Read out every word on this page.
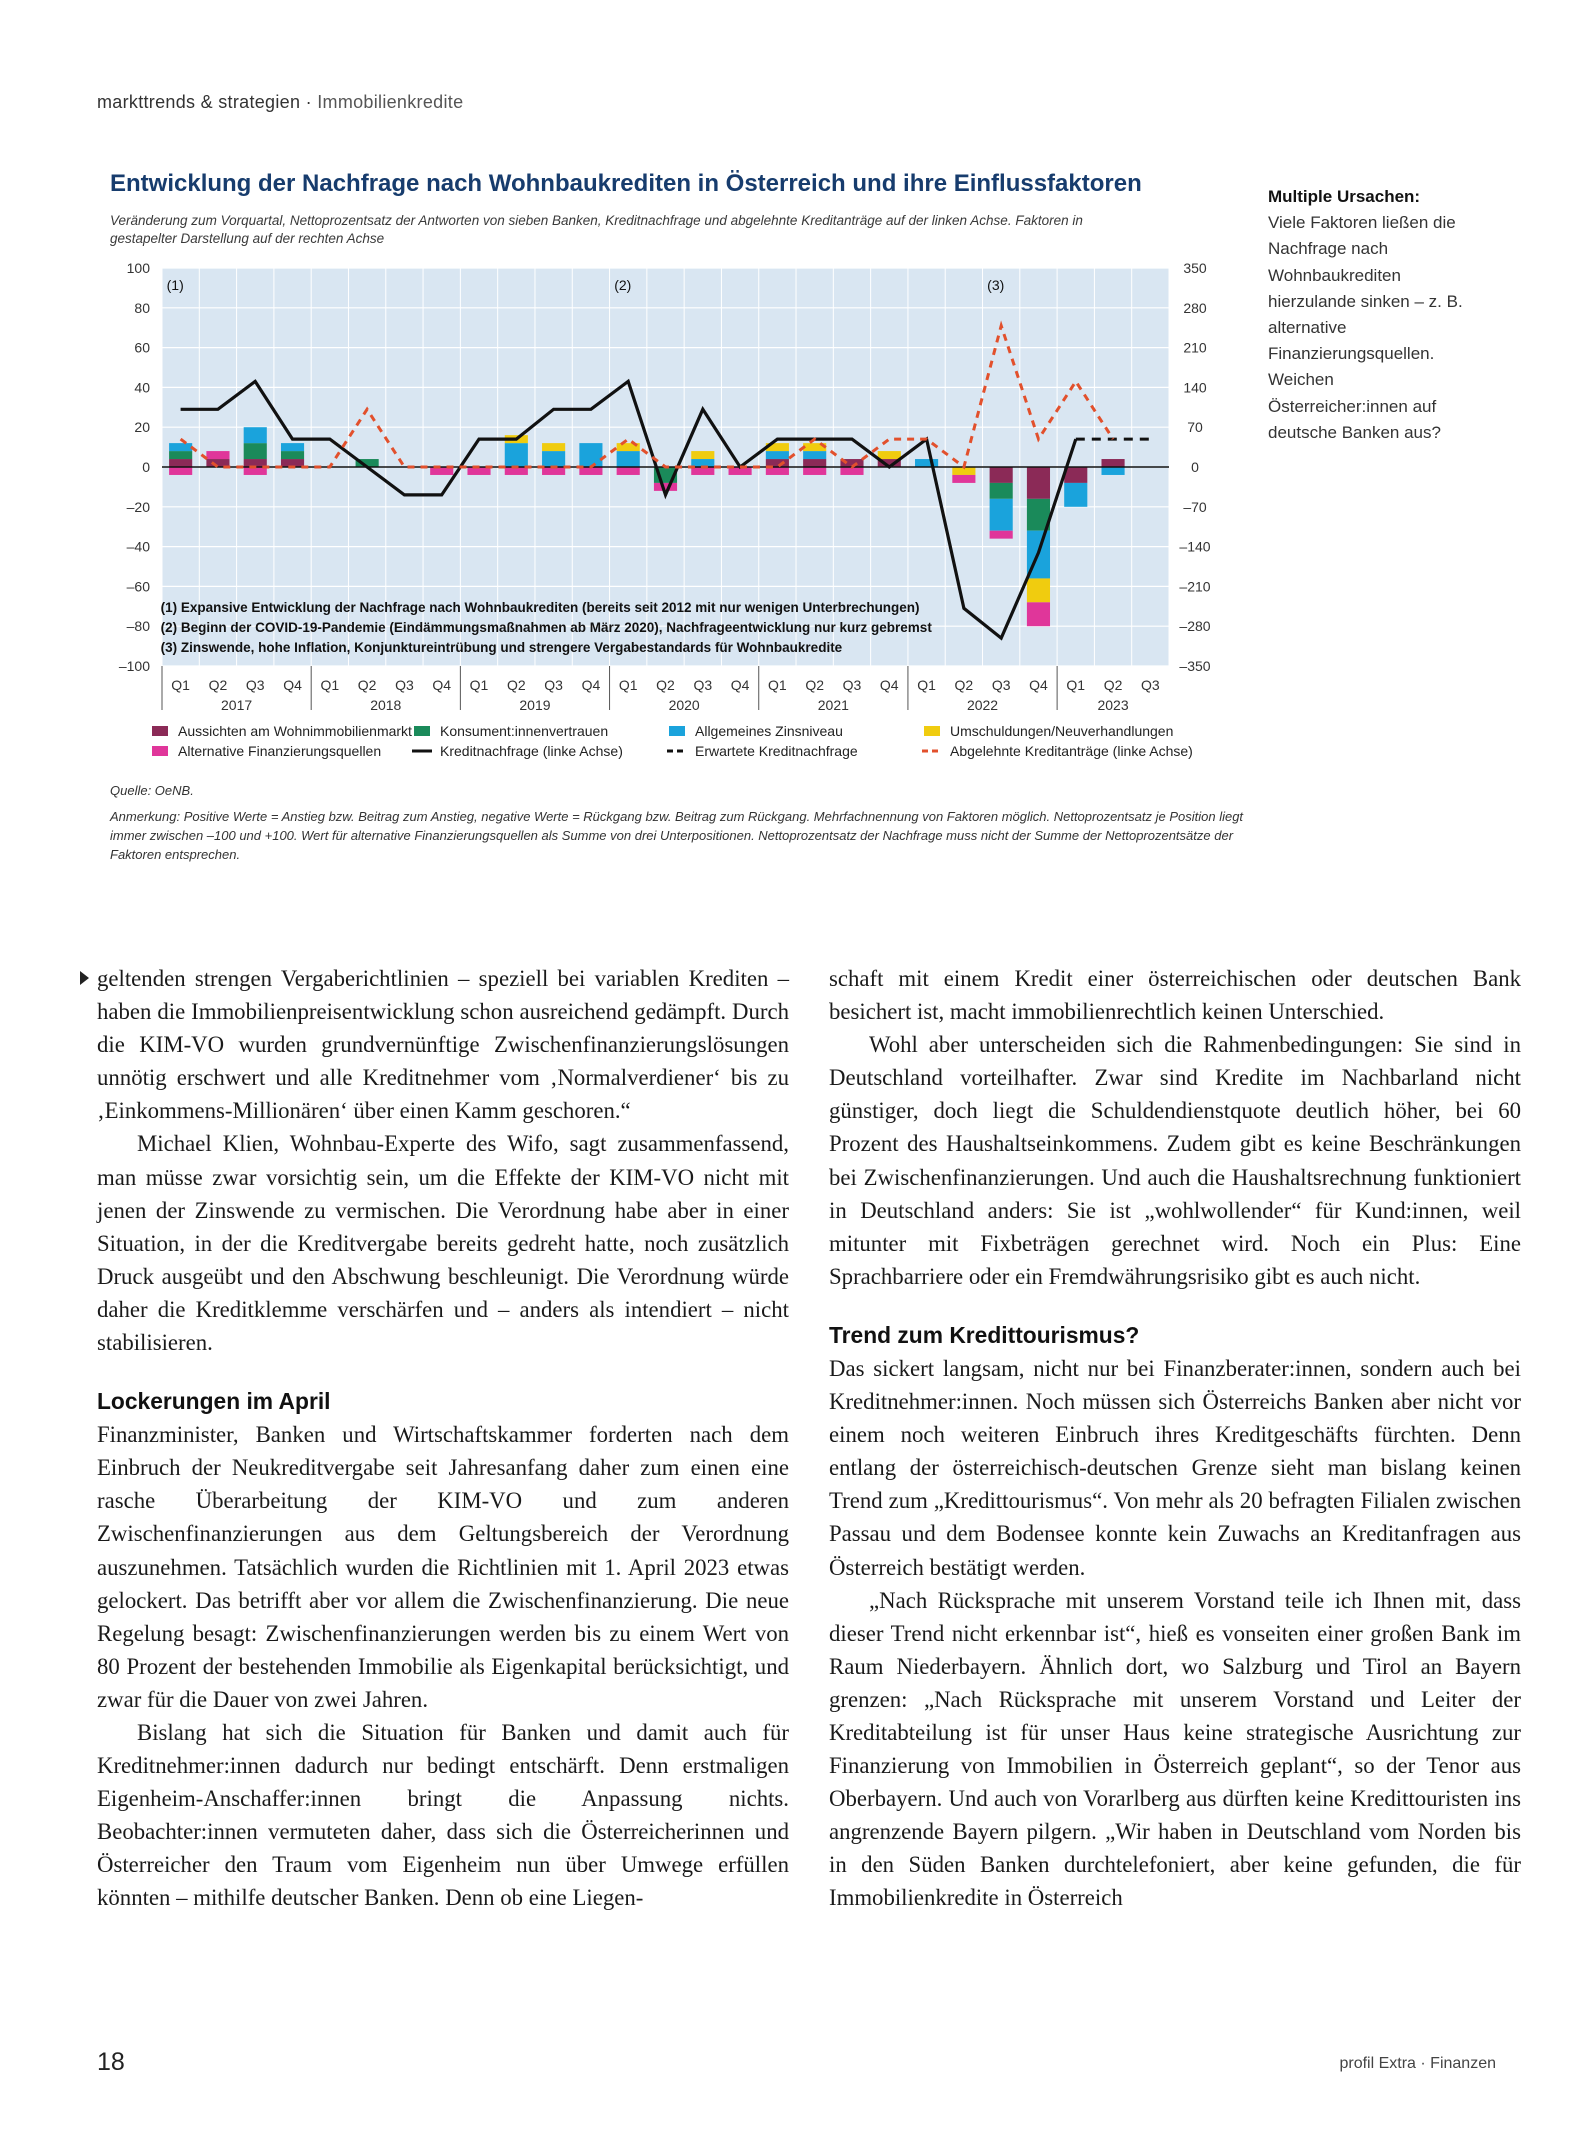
markttrends & strategien · Immobilienkredite
100	350
80	280
60	210
40	140
20	70
0	0
–20	–70
–40	–140
–60	–210
–80	–280
–100	–350
(1)	(2)	(3)
(1) Expansive Entwicklung der Nachfrage nach Wohnbaukrediten (bereits seit 2012 mit nur wenigen Unterbrechungen)
(2) Beginn der COVID-19-Pandemie (Eindämmungsmaßnahmen ab März 2020), Nachfrageentwicklung nur kurz gebremst
(3) Zinswende, hohe Inflation, Konjunktureintrübung und strengere Vergabestandards für Wohnbaukredite
Q1 Q2 Q3 Q4 Q1 Q2 Q3 Q4 Q1 Q2 Q3 Q4 Q1 Q2 Q3 Q4 Q1 Q2 Q3 Q4 Q1 Q2 Q3 Q4 Q1 Q2 Q3
2017	2018	2019	2020	2021	2022	2023
Aussichten am Wohnimmobilienmarkt Konsument:innenvertrauen	Allgemeines Zinsniveau	Umschuldungen/Neuverhandlungen
Alternative Finanzierungsquellen	Kreditnachfrage (linke Achse)	Erwartete Kreditnachfrage	Abgelehnte Kreditanträge (linke Achse)
Entwicklung der Nachfrage nach Wohnbaukrediten in Österreich und ihre Einflussfaktoren
Veränderung zum Vorquartal, Nettoprozentsatz der Antworten von sieben Banken, Kreditnachfrage und abgelehnte Kreditanträge auf der linken Achse. Faktoren in gestapelter Darstellung auf der rechten Achse
Quelle: OeNB.
Anmerkung: Positive Werte = Anstieg bzw. Beitrag zum Anstieg, negative Werte = Rückgang bzw. Beitrag zum Rückgang. Mehrfachnennung von Faktoren möglich. Nettoprozentsatz je Position liegt immer zwischen –100 und +100. Wert für alternative Finanzierungsquellen als Summe von drei Unterpositionen. Nettoprozentsatz der Nachfrage muss nicht der Summe der Nettoprozentsätze der Faktoren entsprechen.
Multiple Ursachen:
Viele Faktoren ließen die Nachfrage nach Wohnbaukrediten hierzulande sinken – z. B. alternative Finanzierungsquellen. Weichen Österreicher:innen auf deutsche Banken aus?

geltenden strengen Vergaberichtlinien – speziell bei variablen Krediten – haben die Immobilienpreisentwicklung schon ausreichend gedämpft. Durch die KIM-VO wurden grundvernünftige Zwischenfinanzierungslösungen unnötig erschwert und alle Kreditnehmer vom ‚Normalverdiener‘ bis zu ‚Einkommens-Millionären‘ über einen Kamm geschoren.“

Michael Klien, Wohnbau-Experte des Wifo, sagt zusammenfassend, man müsse zwar vorsichtig sein, um die Effekte der KIM-VO nicht mit jenen der Zinswende zu vermischen. Die Verordnung habe aber in einer Situation, in der die Kreditvergabe bereits gedreht hatte, noch zusätzlich Druck ausgeübt und den Abschwung beschleunigt. Die Verordnung würde daher die Kreditklemme verschärfen und – anders als intendiert – nicht stabilisieren.

Lockerungen im April

Finanzminister, Banken und Wirtschaftskammer forderten nach dem Einbruch der Neukreditvergabe seit Jahresanfang daher zum einen eine rasche Überarbeitung der KIM-VO und zum anderen Zwischenfinanzierungen aus dem Geltungsbereich der Verordnung auszunehmen. Tatsächlich wurden die Richtlinien mit 1. April 2023 etwas gelockert. Das betrifft aber vor allem die Zwischenfinanzierung. Die neue Regelung besagt: Zwischenfinanzierungen werden bis zu einem Wert von 80 Prozent der bestehenden Immobilie als Eigenkapital berücksichtigt, und zwar für die Dauer von zwei Jahren.

Bislang hat sich die Situation für Banken und damit auch für Kreditnehmer:innen dadurch nur bedingt entschärft. Denn erstmaligen Eigenheim-Anschaffer:innen bringt die Anpassung nichts. Beobachter:innen vermuteten daher, dass sich die Österreicherinnen und Österreicher den Traum vom Eigenheim nun über Umwege erfüllen könnten – mithilfe deutscher Banken. Denn ob eine Liegen-

schaft mit einem Kredit einer österreichischen oder deutschen Bank besichert ist, macht immobilienrechtlich keinen Unterschied.

Wohl aber unterscheiden sich die Rahmenbedingungen: Sie sind in Deutschland vorteilhafter. Zwar sind Kredite im Nachbarland nicht günstiger, doch liegt die Schuldendienstquote deutlich höher, bei 60 Prozent des Haushaltseinkommens. Zudem gibt es keine Beschränkungen bei Zwischenfinanzierungen. Und auch die Haushaltsrechnung funktioniert in Deutschland anders: Sie ist „wohlwollender“ für Kund:innen, weil mitunter mit Fixbeträgen gerechnet wird. Noch ein Plus: Eine Sprachbarriere oder ein Fremdwährungsrisiko gibt es auch nicht.

Trend zum Kredittourismus?

Das sickert langsam, nicht nur bei Finanzberater:innen, sondern auch bei Kreditnehmer:innen. Noch müssen sich Österreichs Banken aber nicht vor einem noch weiteren Einbruch ihres Kreditgeschäfts fürchten. Denn entlang der österreichisch-deutschen Grenze sieht man bislang keinen Trend zum „Kredittourismus“. Von mehr als 20 befragten Filialen zwischen Passau und dem Bodensee konnte kein Zuwachs an Kreditanfragen aus Österreich bestätigt werden.

„Nach Rücksprache mit unserem Vorstand teile ich Ihnen mit, dass dieser Trend nicht erkennbar ist“, hieß es vonseiten einer großen Bank im Raum Niederbayern. Ähnlich dort, wo Salzburg und Tirol an Bayern grenzen: „Nach Rücksprache mit unserem Vorstand und Leiter der Kreditabteilung ist für unser Haus keine strategische Ausrichtung zur Finanzierung von Immobilien in Österreich geplant“, so der Tenor aus Oberbayern. Und auch von Vorarlberg aus dürften keine Kredittouristen ins angrenzende Bayern pilgern. „Wir haben in Deutschland vom Norden bis in den Süden Banken durchtelefoniert, aber keine gefunden, die für Immobilienkredite in Österreich

18	profil Extra · Finanzen
